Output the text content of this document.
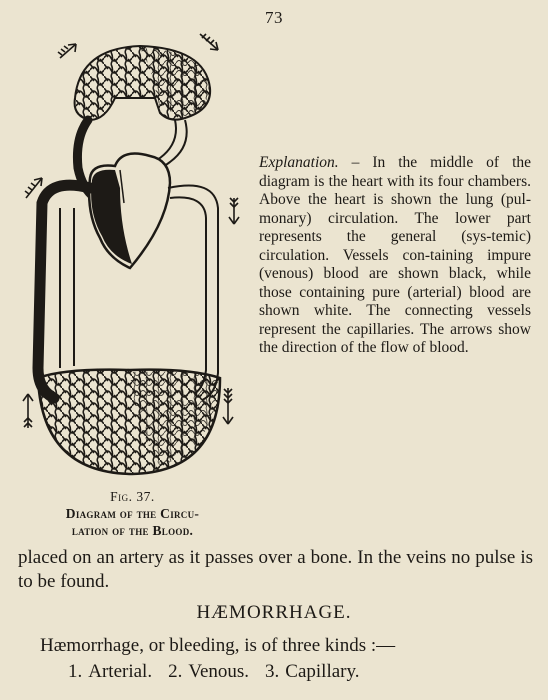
73
Fig. 37.
Diagram of the Circu-
lation of the Blood.
Explanation. – In the middle of the diagram is the heart with its four chambers. Above the heart is shown the lung (pul-monary) circulation. The lower part represents the general (sys-temic) circulation. Vessels con-taining impure (venous) blood are shown black, while those containing pure (arterial) blood are shown white. The connecting vessels represent the capillaries. The arrows show the direction of the flow of blood.
placed on an artery as it passes over a bone. In the veins no pulse is to be found.
HÆMORRHAGE.
Hæmorrhage, or bleeding, is of three kinds :—
1. Arterial. 2. Venous. 3. Capillary.
